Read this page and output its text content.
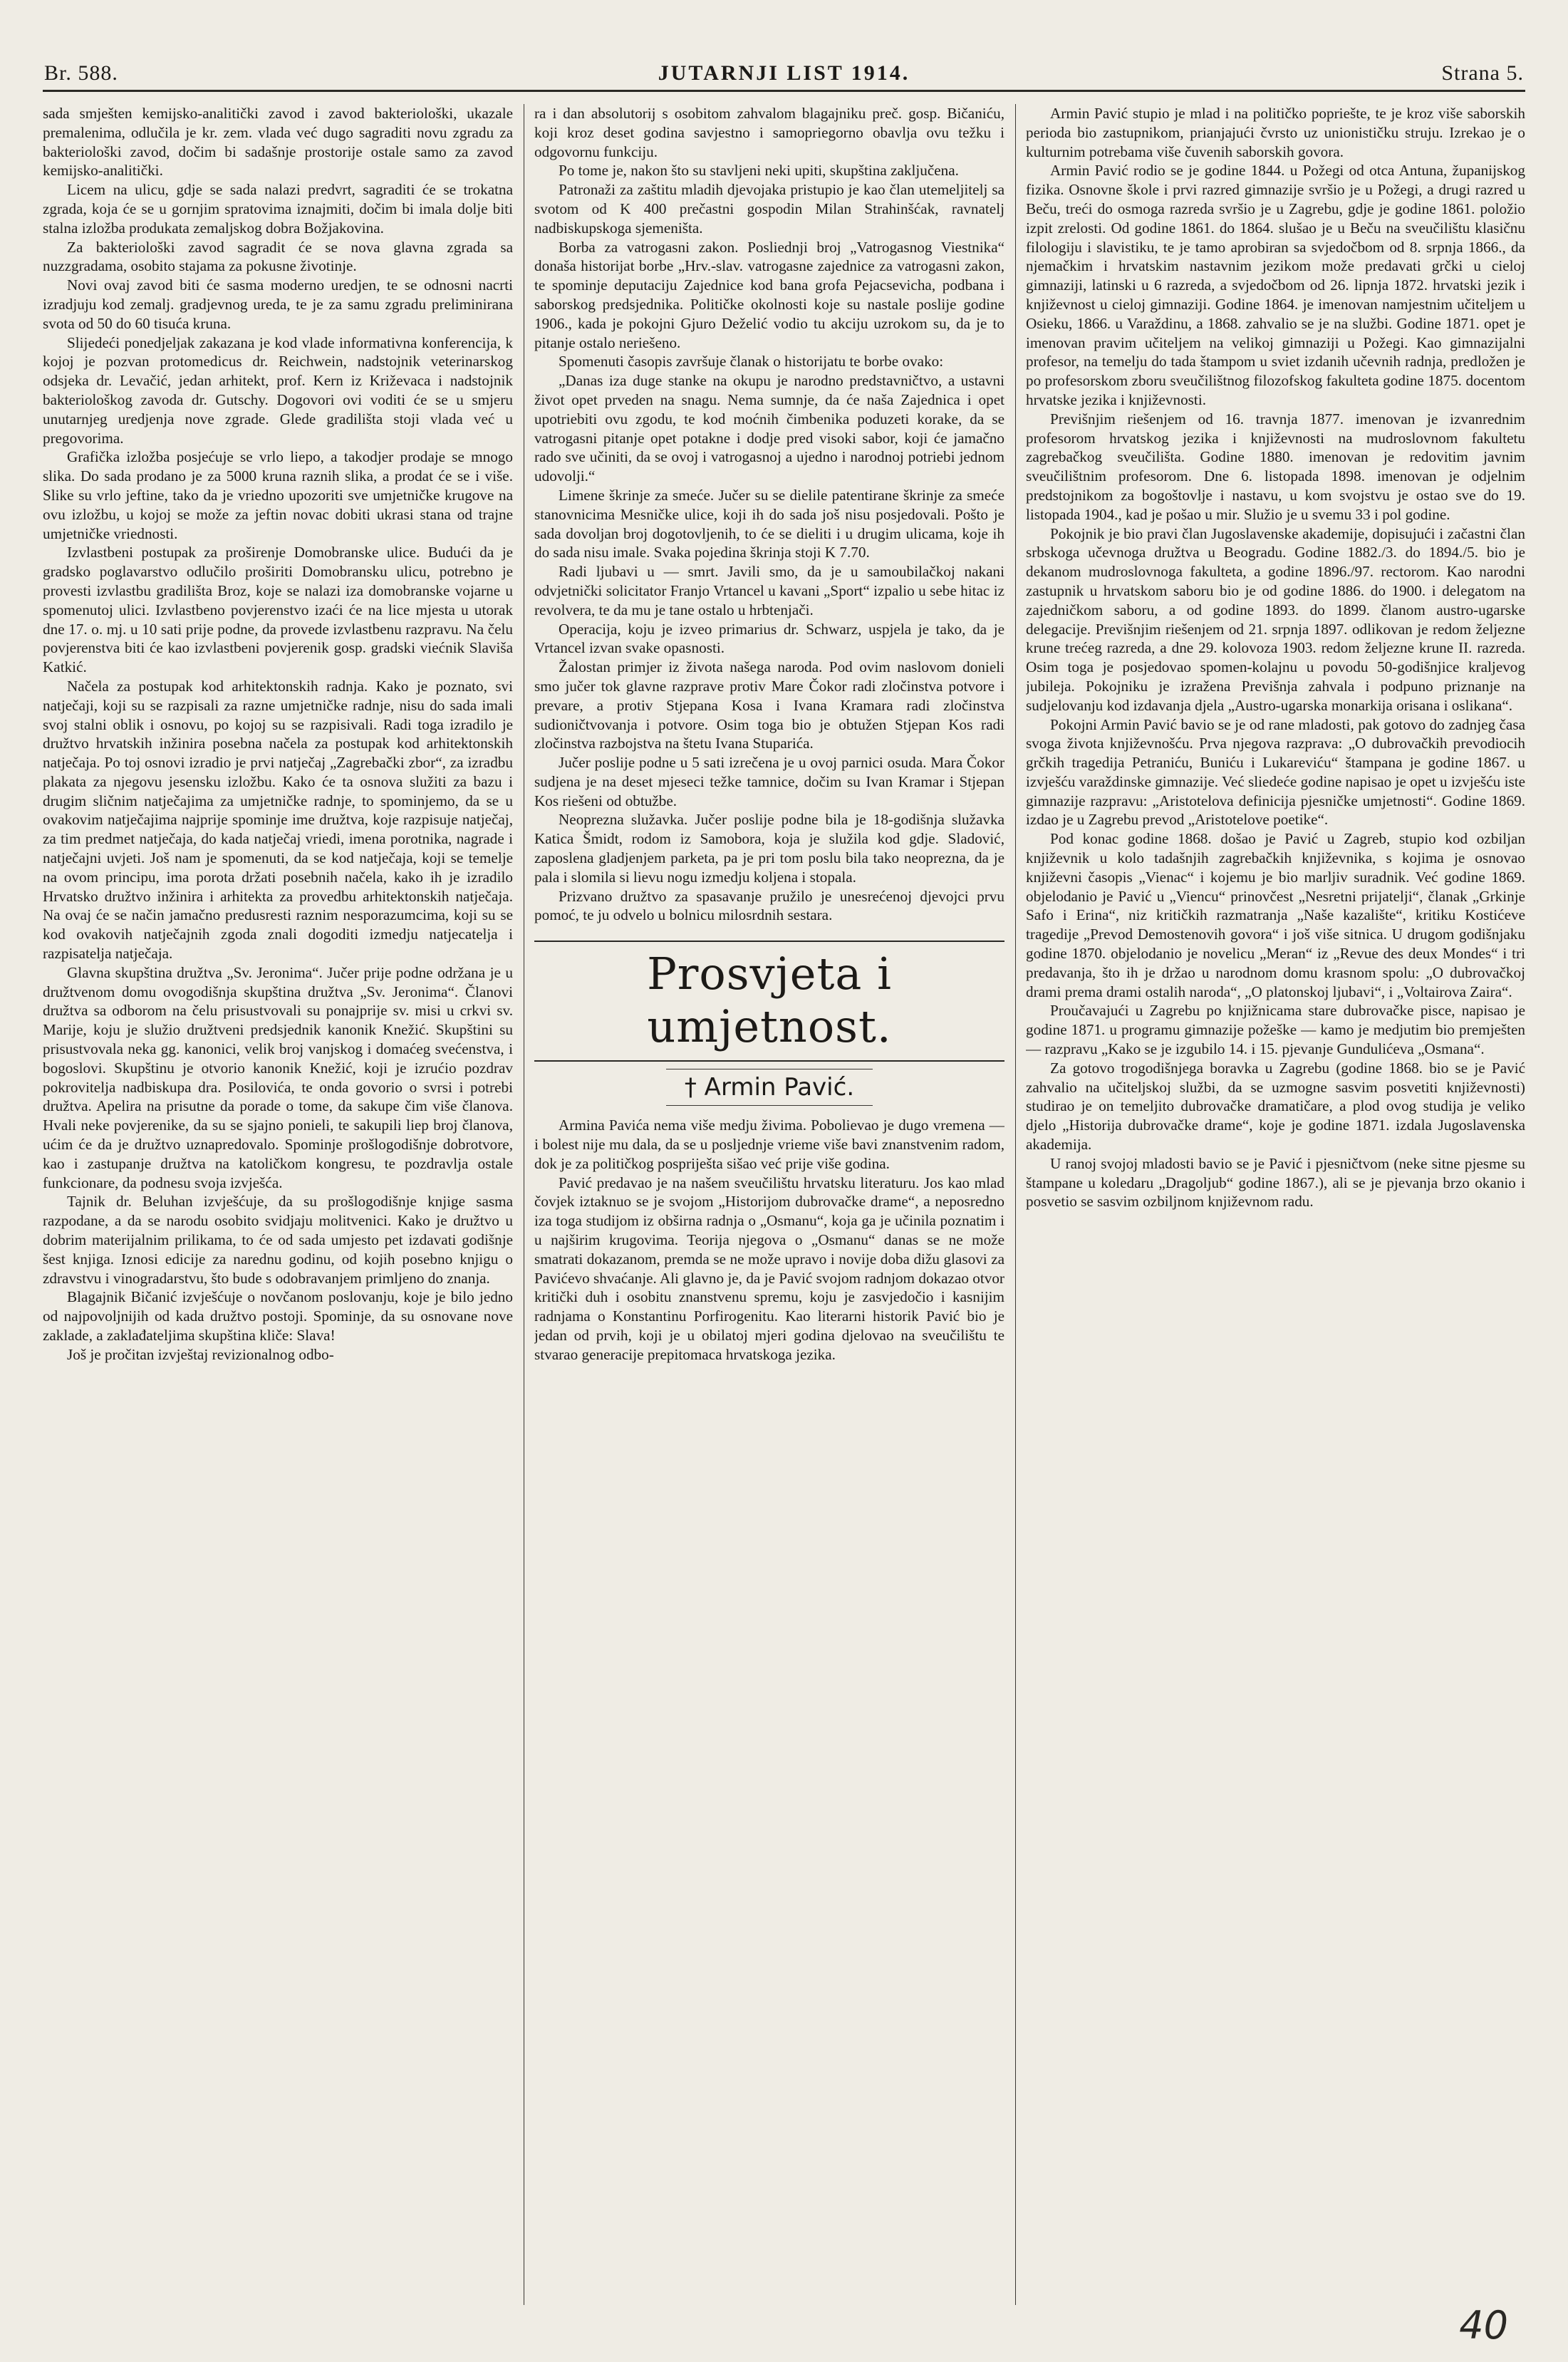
Br. 588.	JUTARNJI LIST 1914.	Strana 5.

sada smješten kemijsko-analitički zavod i zavod bakteriološki, ukazale premalenima, odlučila je kr. zem. vlada već dugo sagraditi novu zgradu za bakteriološki zavod, dočim bi sadašnje prostorije ostale samo za zavod kemijsko-analitički.

Licem na ulicu, gdje se sada nalazi predvrt, sagraditi će se trokatna zgrada, koja će se u gornjim spratovima iznajmiti, dočim bi imala dolje biti stalna izložba produkata zemaljskog dobra Božjakovina.

Za bakteriološki zavod sagradit će se nova glavna zgrada sa nuzzgradama, osobito stajama za pokusne životinje.

Novi ovaj zavod biti će sasma moderno uredjen, te se odnosni nacrti izradjuju kod zemalj. gradjevnog ureda, te je za samu zgradu preliminirana svota od 50 do 60 tisuća kruna.

Slijedeći ponedjeljak zakazana je kod vlade informativna konferencija, k kojoj je pozvan protomedicus dr. Reichwein, nadstojnik veterinarskog odsjeka dr. Levačić, jedan arhitekt, prof. Kern iz Križevaca i nadstojnik bakteriološkog zavoda dr. Gutschy. Dogovori ovi voditi će se u smjeru unutarnjeg uredjenja nove zgrade. Glede gradilišta stoji vlada već u pregovorima.

Grafička izložba posjećuje se vrlo liepo, a takodjer prodaje se mnogo slika. Do sada prodano je za 5000 kruna raznih slika, a prodat će se i više. Slike su vrlo jeftine, tako da je vriedno upozoriti sve umjetničke krugove na ovu izložbu, u kojoj se može za jeftin novac dobiti ukrasi stana od trajne umjetničke vriednosti.

Izvlastbeni postupak za proširenje Domobranske ulice. Budući da je gradsko poglavarstvo odlučilo proširiti Domobransku ulicu, potrebno je provesti izvlastbu gradilišta Broz, koje se nalazi iza domobranske vojarne u spomenutoj ulici. Izvlastbeno povjerenstvo izaći će na lice mjesta u utorak dne 17. o. mj. u 10 sati prije podne, da provede izvlastbenu razpravu. Na čelu povjerenstva biti će kao izvlastbeni povjerenik gosp. gradski viećnik Slaviša Katkić.

Načela za postupak kod arhitektonskih radnja. Kako je poznato, svi natječaji, koji su se razpisali za razne umjetničke radnje, nisu do sada imali svoj stalni oblik i osnovu, po kojoj su se razpisivali. Radi toga izradilo je družtvo hrvatskih inžinira posebna načela za postupak kod arhitektonskih natječaja. Po toj osnovi izradio je prvi natječaj „Zagrebački zbor“, za izradbu plakata za njegovu jesensku izložbu. Kako će ta osnova služiti za bazu i drugim sličnim natječajima za umjetničke radnje, to spominjemo, da se u ovakovim natječajima najprije spominje ime družtva, koje razpisuje natječaj, za tim predmet natječaja, do kada natječaj vriedi, imena porotnika, nagrade i natječajni uvjeti. Još nam je spomenuti, da se kod natječaja, koji se temelje na ovom principu, ima porota držati posebnih načela, kako ih je izradilo Hrvatsko družtvo inžinira i arhitekta za provedbu arhitektonskih natječaja. Na ovaj će se način jamačno predusresti raznim nesporazumcima, koji su se kod ovakovih natječajnih zgoda znali dogoditi izmedju natjecatelja i razpisatelja natječaja.

Glavna skupština družtva „Sv. Jeronima“. Jučer prije podne održana je u družtvenom domu ovogodišnja skupština družtva „Sv. Jeronima“. Članovi družtva sa odborom na čelu prisustvovali su ponajprije sv. misi u crkvi sv. Marije, koju je služio družtveni predsjednik kanonik Knežić. Skupštini su prisustvovala neka gg. kanonici, velik broj vanjskog i domaćeg svećenstva, i bogoslovi. Skupštinu je otvorio kanonik Knežić, koji je izrućio pozdrav pokrovitelja nadbiskupa dra. Posilovića, te onda govorio o svrsi i potrebi družtva. Apelira na prisutne da porade o tome, da sakupe čim više članova. Hvali neke povjerenike, da su se sjajno ponieli, te sakupili liep broj članova, ućim će da je družtvo uznapredovalo. Spominje prošlogodišnje dobrotvore, kao i zastupanje družtva na katoličkom kongresu, te pozdravlja ostale funkcionare, da podnesu svoja izvješća.

Tajnik dr. Beluhan izvješćuje, da su prošlogodišnje knjige sasma razpodane, a da se narodu osobito svidjaju molitvenici. Kako je družtvo u dobrim materijalnim prilikama, to će od sada umjesto pet izdavati godišnje šest knjiga. Iznosi edicije za narednu godinu, od kojih posebno knjigu o zdravstvu i vinogradarstvu, što bude s odobravanjem primljeno do znanja.

Blagajnik Bičanić izvješćuje o novčanom poslovanju, koje je bilo jedno od najpovoljnijih od kada družtvo postoji. Spominje, da su osnovane nove zaklade, a zaklađateljima skupština kliče: Slava!

Još je pročitan izvještaj revizionalnog odbo-

ra i dan absolutorij s osobitom zahvalom blagajniku preč. gosp. Bičaniću, koji kroz deset godina savjestno i samopriegorno obavlja ovu težku i odgovornu funkciju.

Po tome je, nakon što su stavljeni neki upiti, skupština zaključena.

Patronaži za zaštitu mladih djevojaka pristupio je kao član utemeljitelj sa svotom od K 400 prečastni gospodin Milan Strahinšćak, ravnatelj nadbiskupskoga sjemeništa.

Borba za vatrogasni zakon. Posliednji broj „Vatrogasnog Viestnika“ donaša historijat borbe „Hrv.-slav. vatrogasne zajednice za vatrogasni zakon, te spominje deputaciju Zajednice kod bana grofa Pejacsevicha, podbana i saborskog predsjednika. Političke okolnosti koje su nastale poslije godine 1906., kada je pokojni Gjuro Deželić vodio tu akciju uzrokom su, da je to pitanje ostalo neriešeno.

Spomenuti časopis završuje članak o historijatu te borbe ovako:

„Danas iza duge stanke na okupu je narodno predstavničtvo, a ustavni život opet prveden na snagu. Nema sumnje, da će naša Zajednica i opet upotriebiti ovu zgodu, te kod moćnih čimbenika poduzeti korake, da se vatrogasni pitanje opet potakne i dodje pred visoki sabor, koji će jamačno rado sve učiniti, da se ovoj i vatrogasnoj a ujedno i narodnoj potriebi jednom udovolji.“

Limene škrinje za smeće. Jučer su se dielile patentirane škrinje za smeće stanovnicima Mesničke ulice, koji ih do sada još nisu posjedovali. Pošto je sada dovoljan broj dogotovljenih, to će se dieliti i u drugim ulicama, koje ih do sada nisu imale. Svaka pojedina škrinja stoji K 7.70.

Radi ljubavi u — smrt. Javili smo, da je u samoubilačkoj nakani odvjetnički solicitator Franjo Vrtancel u kavani „Sport“ izpalio u sebe hitac iz revolvera, te da mu je tane ostalo u hrbtenjači.

Operacija, koju je izveo primarius dr. Schwarz, uspjela je tako, da je Vrtancel izvan svake opasnosti.

Žalostan primjer iz života našega naroda. Pod ovim naslovom donieli smo jučer tok glavne razprave protiv Mare Čokor radi zločinstva potvore i prevare, a protiv Stjepana Kosa i Ivana Kramara radi zločinstva sudioničtvovanja i potvore. Osim toga bio je obtužen Stjepan Kos radi zločinstva razbojstva na štetu Ivana Stuparića.

Jučer poslije podne u 5 sati izrečena je u ovoj parnici osuda. Mara Čokor sudjena je na deset mjeseci težke tamnice, dočim su Ivan Kramar i Stjepan Kos riešeni od obtužbe.

Neoprezna služavka. Jučer poslije podne bila je 18-godišnja služavka Katica Šmidt, rodom iz Samobora, koja je služila kod gdje. Sladović, zaposlena gladjenjem parketa, pa je pri tom poslu bila tako neoprezna, da je pala i slomila si lievu nogu izmedju koljena i stopala.

Prizvano družtvo za spasavanje pružilo je unesrećenoj djevojci prvu pomoć, te ju odvelo u bolnicu milosrdnih sestara.

Prosvjeta i umjetnost.
† Armin Pavić.

Armina Pavića nema više medju živima. Pobolievao je dugo vremena — i bolest nije mu dala, da se u posljednje vrieme više bavi znanstvenim radom, dok je za političkog pospriješta sišao već prije više godina.

Pavić predavao je na našem sveučilištu hrvatsku literaturu. Jos kao mlad čovjek iztaknuo se je svojom „Historijom dubrovačke drame“, a neposredno iza toga studijom iz obširna radnja o „Osmanu“, koja ga je učinila poznatim i u najširim krugovima. Teorija njegova o „Osmanu“ danas se ne može smatrati dokazanom, premda se ne može upravo i novije doba dižu glasovi za Pavićevo shvaćanje. Ali glavno je, da je Pavić svojom radnjom dokazao otvor kritički duh i osobitu znanstvenu spremu, koju je zasvjedočio i kasnijim radnjama o Konstantinu Porfirogenitu. Kao literarni historik Pavić bio je jedan od prvih, koji je u obilatoj mjeri godina djelovao na sveučilištu te stvarao generacije prepitomaca hrvatskoga jezika.

Armin Pavić stupio je mlad i na političko popriešte, te je kroz više saborskih perioda bio zastupnikom, prianjajući čvrsto uz unionističku struju. Izrekao je o kulturnim potrebama više čuvenih saborskih govora.

Armin Pavić rodio se je godine 1844. u Požegi od otca Antuna, županijskog fizika. Osnovne škole i prvi razred gimnazije svršio je u Požegi, a drugi razred u Beču, treći do osmoga razreda svršio je u Zagrebu, gdje je godine 1861. položio izpit zrelosti. Od godine 1861. do 1864. slušao je u Beču na sveučilištu klasičnu filologiju i slavistiku, te je tamo aprobiran sa svjedočbom od 8. srpnja 1866., da njemačkim i hrvatskim nastavnim jezikom može predavati grčki u cieloj gimnaziji, latinski u 6 razreda, a svjedočbom od 26. lipnja 1872. hrvatski jezik i književnost u cieloj gimnaziji. Godine 1864. je imenovan namjestnim učiteljem u Osieku, 1866. u Varaždinu, a 1868. zahvalio se je na službi. Godine 1871. opet je imenovan pravim učiteljem na velikoj gimnaziji u Požegi. Kao gimnazijalni profesor, na temelju do tada štampom u sviet izdanih učevnih radnja, predložen je po profesorskom zboru sveučilištnog filozofskog fakulteta godine 1875. docentom hrvatske jezika i književnosti.

Previšnjim riešenjem od 16. travnja 1877. imenovan je izvanrednim profesorom hrvatskog jezika i književnosti na mudroslovnom fakultetu zagrebačkog sveučilišta. Godine 1880. imenovan je redovitim javnim sveučilištnim profesorom. Dne 6. listopada 1898. imenovan je odjelnim predstojnikom za bogoštovlje i nastavu, u kom svojstvu je ostao sve do 19. listopada 1904., kad je pošao u mir. Služio je u svemu 33 i pol godine.

Pokojnik je bio pravi član Jugoslavenske akademije, dopisujući i začastni član srbskoga učevnoga družtva u Beogradu. Godine 1882./3. do 1894./5. bio je dekanom mudroslovnoga fakulteta, a godine 1896./97. rectorom. Kao narodni zastupnik u hrvatskom saboru bio je od godine 1886. do 1900. i delegatom na zajedničkom saboru, a od godine 1893. do 1899. članom austro-ugarske delegacije. Previšnjim riešenjem od 21. srpnja 1897. odlikovan je redom željezne krune trećeg razreda, a dne 29. kolovoza 1903. redom željezne krune II. razreda. Osim toga je posjedovao spomen-kolajnu u povodu 50-godišnjice kraljevog jubileja. Pokojniku je izražena Previšnja zahvala i podpuno priznanje na sudjelovanju kod izdavanja djela „Austro-ugarska monarkija orisana i oslikana“.

Pokojni Armin Pavić bavio se je od rane mladosti, pak gotovo do zadnjeg časa svoga života književnošću. Prva njegova razprava: „O dubrovačkih prevodiocih grčkih tragedija Petraniću, Buniću i Lukareviću“ štampana je godine 1867. u izvješću varaždinske gimnazije. Već sliedeće godine napisao je opet u izvješću iste gimnazije razpravu: „Aristotelova definicija pjesničke umjetnosti“. Godine 1869. izdao je u Zagrebu prevod „Aristotelove poetike“.

Pod konac godine 1868. došao je Pavić u Zagreb, stupio kod ozbiljan književnik u kolo tadašnjih zagrebačkih književnika, s kojima je osnovao književni časopis „Vienac“ i kojemu je bio marljiv suradnik. Već godine 1869. objelodanio je Pavić u „Viencu“ prinovčest „Nesretni prijatelji“, članak „Grkinje Safo i Erina“, niz kritičkih razmatranja „Naše kazalište“, kritiku Kostićeve tragedije „Prevod Demostenovih govora“ i još više sitnica. U drugom godišnjaku godine 1870. objelodanio je novelicu „Meran“ iz „Revue des deux Mondes“ i tri predavanja, što ih je držao u narodnom domu krasnom spolu: „O dubrovačkoj drami prema drami ostalih naroda“, „O platonskoj ljubavi“, i „Voltairova Zaira“.

Proučavajući u Zagrebu po knjižnicama stare dubrovačke pisce, napisao je godine 1871. u programu gimnazije požeške — kamo je medjutim bio premješten — razpravu „Kako se je izgubilo 14. i 15. pjevanje Gundulićeva „Osmana“.

Za gotovo trogodišnjega boravka u Zagrebu (godine 1868. bio se je Pavić zahvalio na učiteljskoj službi, da se uzmogne sasvim posvetiti književnosti) studirao je on temeljito dubrovačke dramatičare, a plod ovog studija je veliko djelo „Historija dubrovačke drame“, koje je godine 1871. izdala Jugoslavenska akademija.

U ranoj svojoj mladosti bavio se je Pavić i pjesničtvom (neke sitne pjesme su štampane u koledaru „Dragoljub“ godine 1867.), ali se je pjevanja brzo okanio i posvetio se sasvim ozbiljnom književnom radu.

40
